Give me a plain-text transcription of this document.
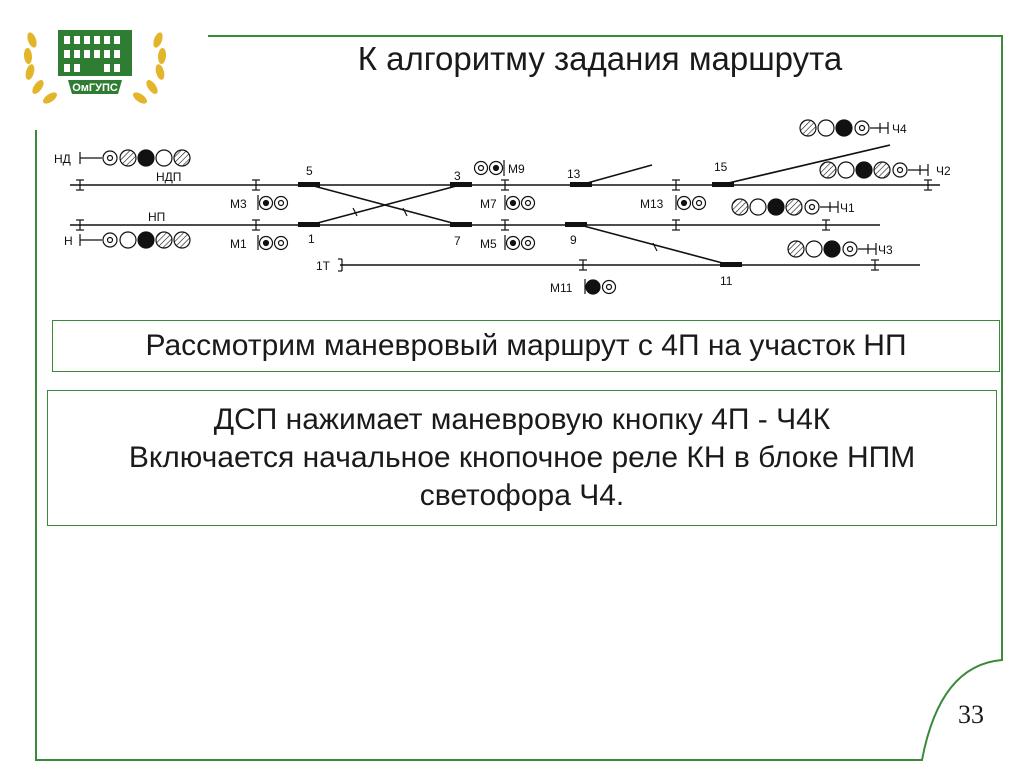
ОмГУПС
К алгоритму задания маршрута
НД
НДП
НП
Н
М3
М1
М7
М5
М9
М13
М11
Ч4
Ч2
Ч1
Ч3
1Т
5	3
1	7
13
9
15
11
Рассмотрим маневровый маршрут с 4П на участок НП
ДСП нажимает маневровую кнопку 4П - Ч4К
Включается начальное кнопочное реле КН в блоке НПМ
светофора Ч4.
33
